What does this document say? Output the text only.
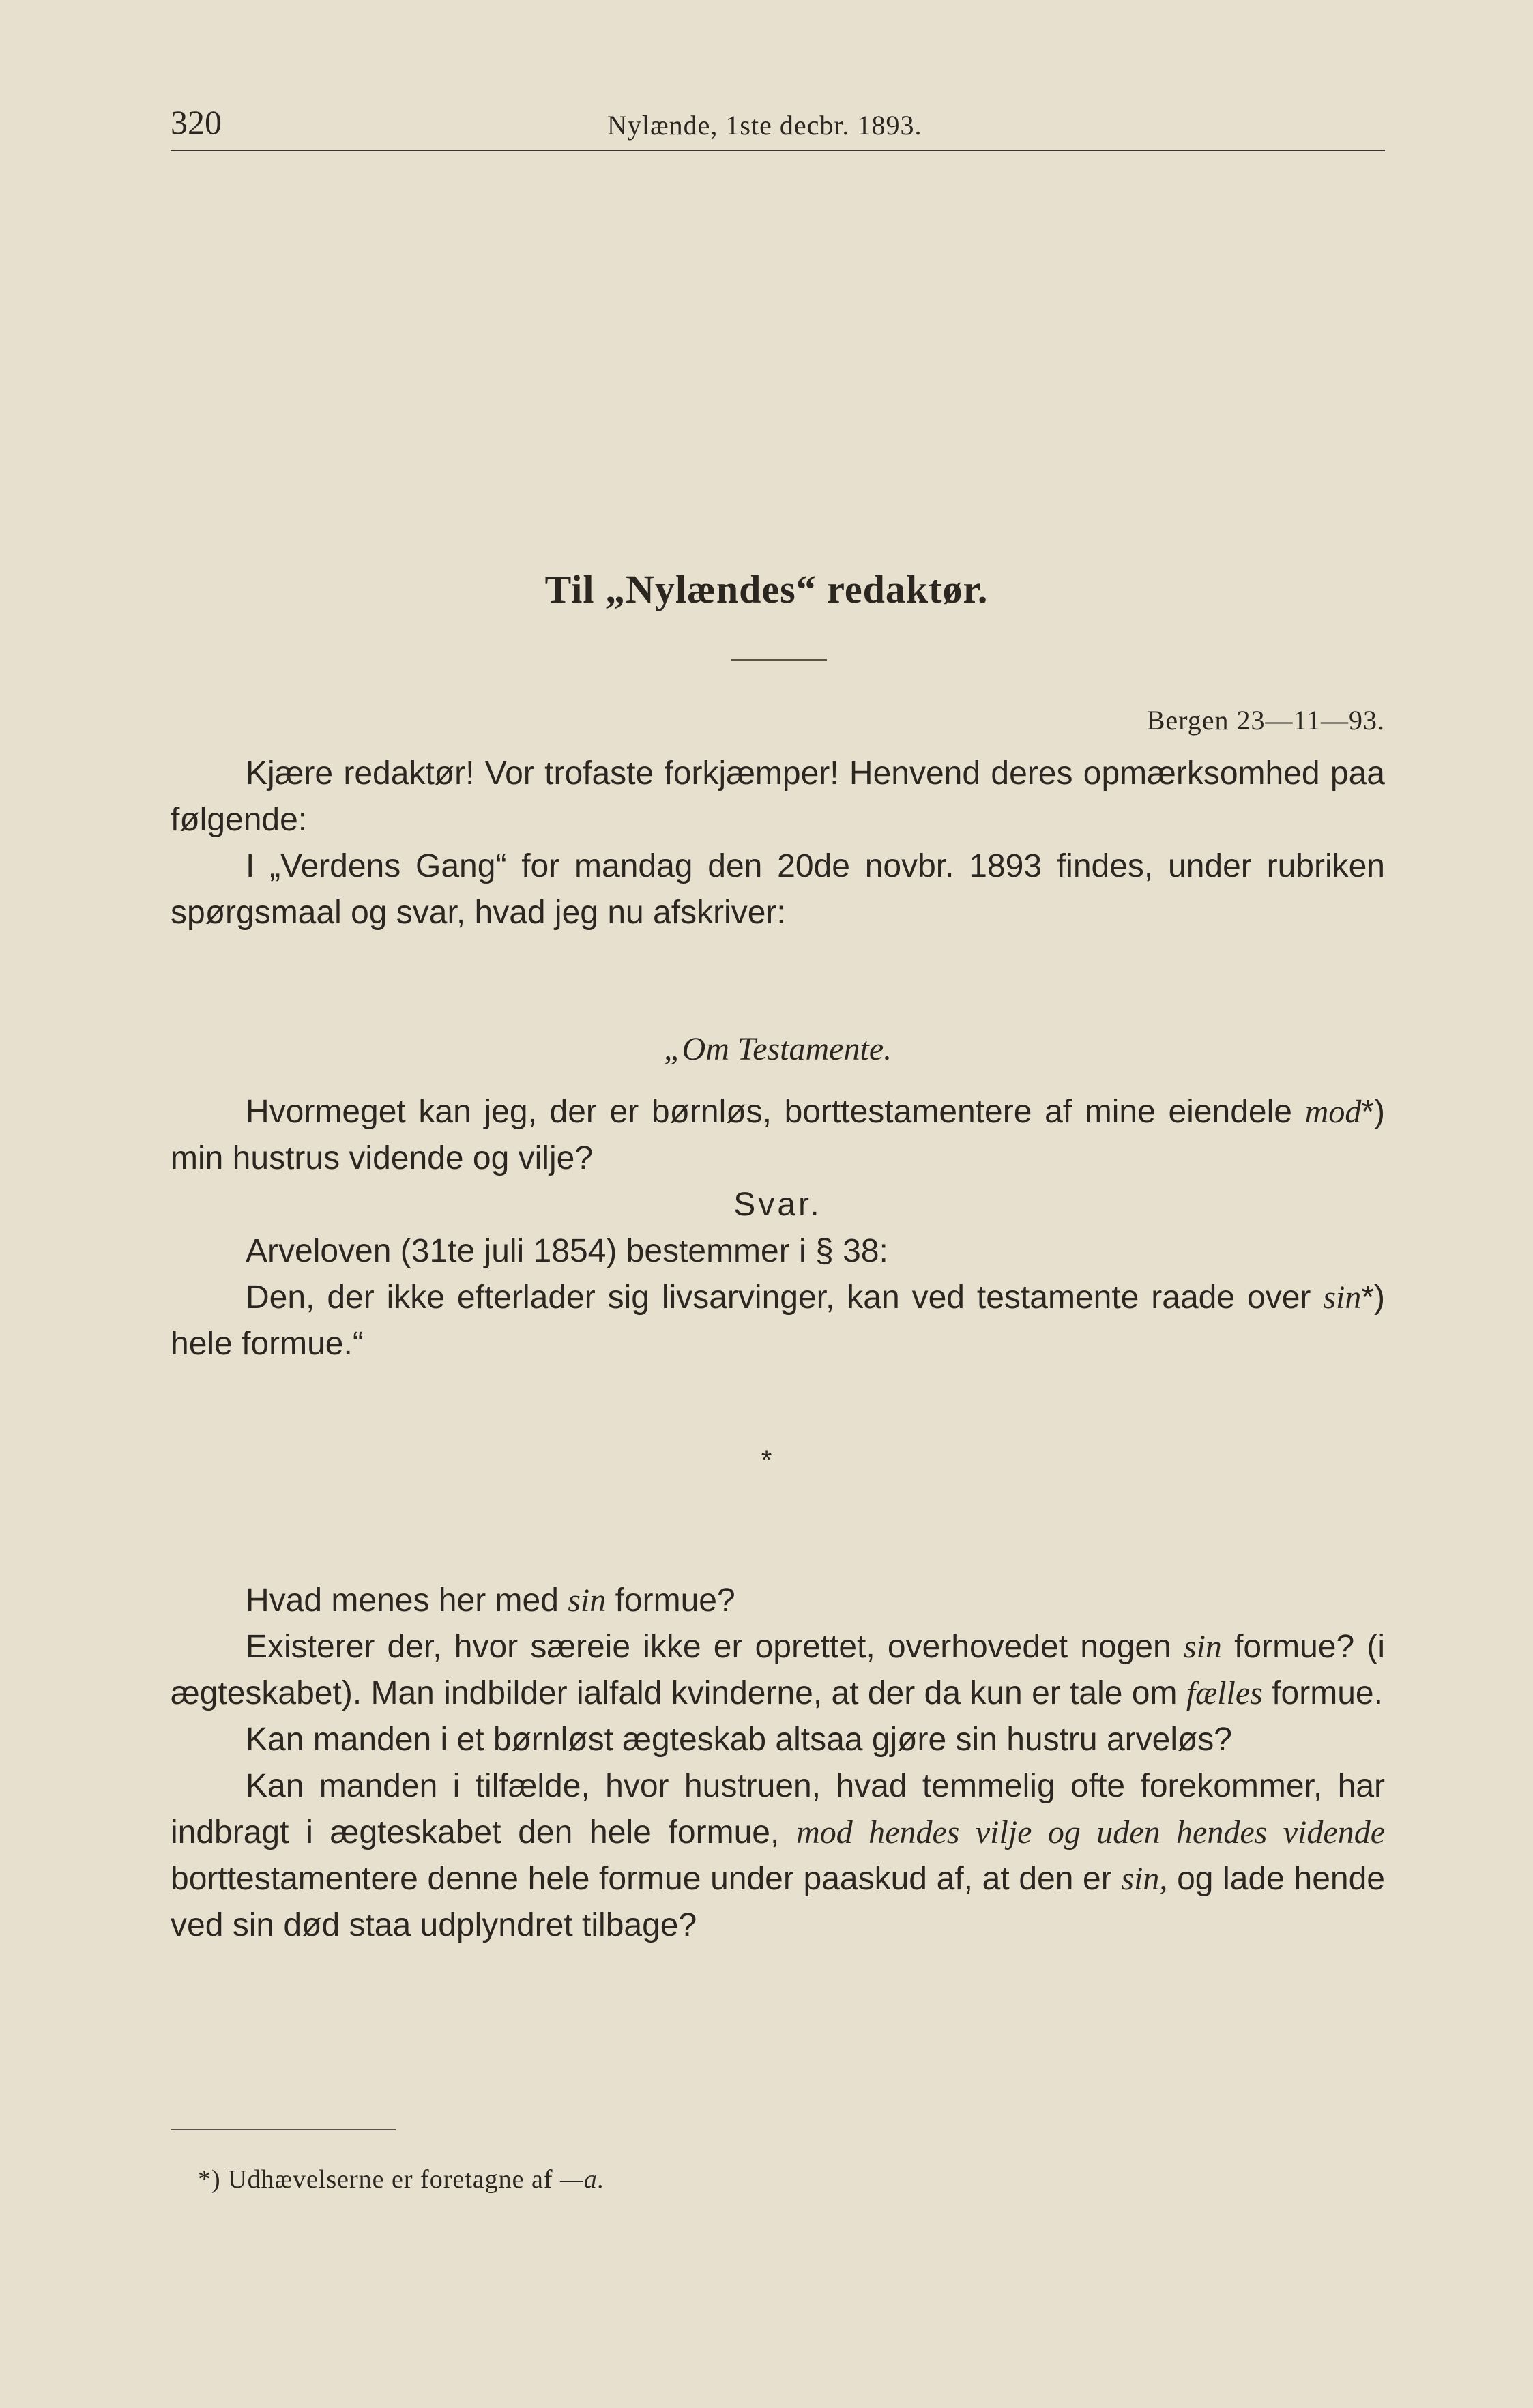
320	Nylænde, 1ste decbr. 1893.
Til „Nylændes“ redaktør.
Bergen 23—11—93.

Kjære redaktør! Vor trofaste forkjæmper! Henvend deres opmærksomhed paa følgende:

I „Verdens Gang“ for mandag den 20de novbr. 1893 findes, under rubriken spørgsmaal og svar, hvad jeg nu afskriver:

„Om Testamente.

Hvormeget kan jeg, der er børnløs, borttestamentere af mine eiendele mod*) min hustrus vidende og vilje?

Svar.

Arveloven (31te juli 1854) bestemmer i § 38:

Den, der ikke efterlader sig livsarvinger, kan ved testamente raade over sin*) hele formue.“

*

Hvad menes her med sin formue?

Existerer der, hvor særeie ikke er oprettet, overhovedet nogen sin formue? (i ægteskabet). Man indbilder ialfald kvinderne, at der da kun er tale om fælles formue.

Kan manden i et børnløst ægteskab altsaa gjøre sin hustru arveløs?

Kan manden i tilfælde, hvor hustruen, hvad temmelig ofte forekommer, har indbragt i ægteskabet den hele formue, mod hendes vilje og uden hendes vidende borttestamentere denne hele formue under paaskud af, at den er sin, og lade hende ved sin død staa udplyndret tilbage?

*) Udhævelserne er foretagne af —a.
